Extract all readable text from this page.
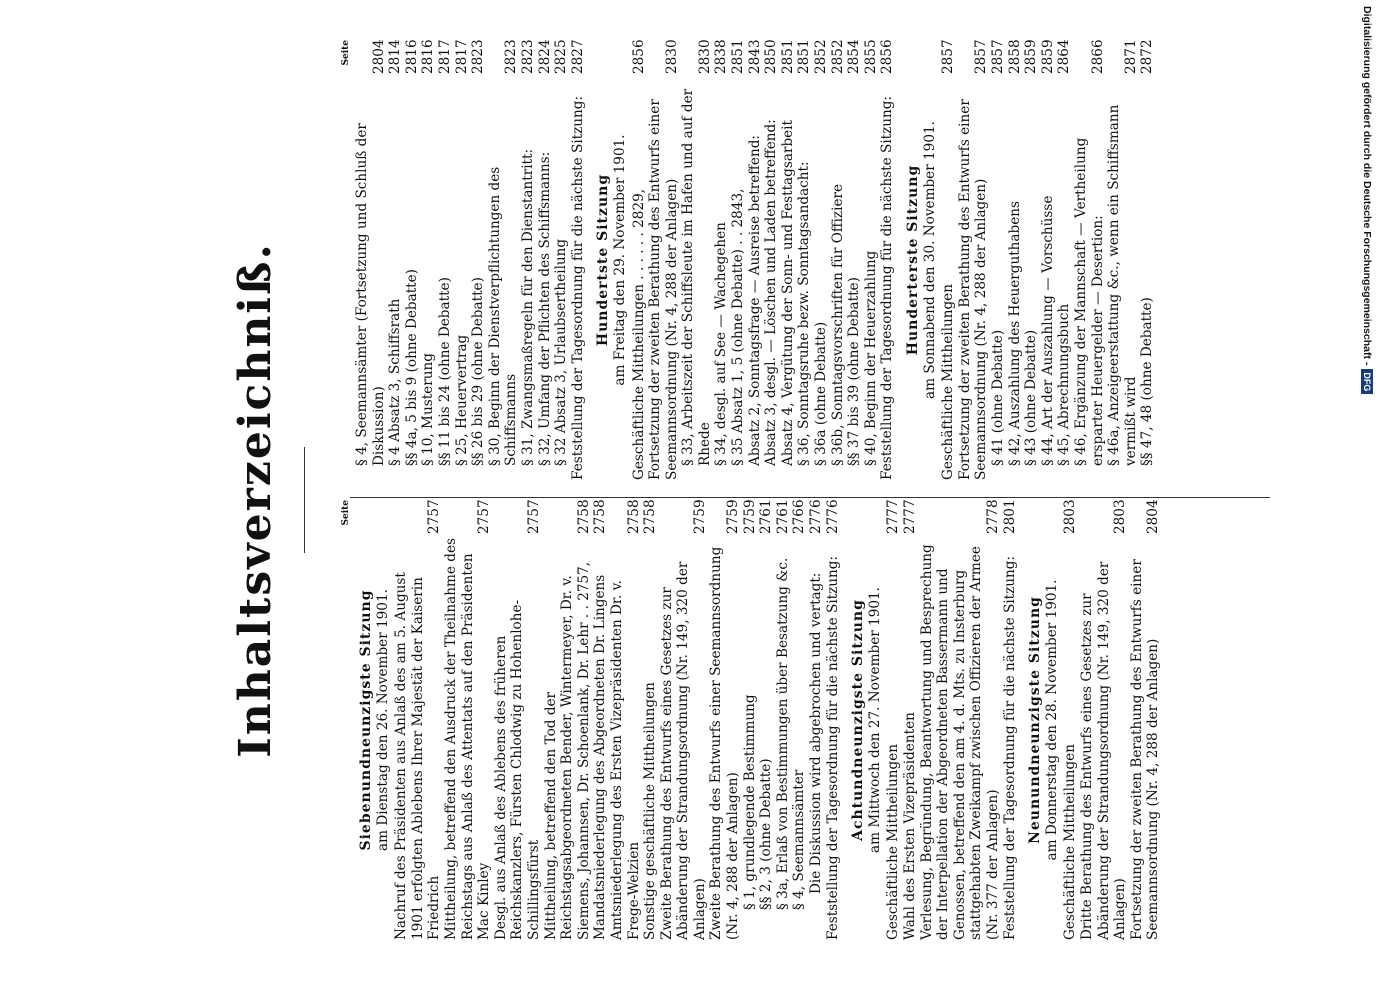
Inhaltsverzeichniß.	Seite
Siebenundneunzigste Sitzung am Dienstag den 26. November 1901. Nachruf des Präsidenten aus Anlaß des am 5. August 1901 erfolgten Ablebens Ihrer Majestät der Kaiserin Friedrich
2757
Mittheilung, betreffend den Ausdruck der Theilnahme des Reichstags aus Anlaß des Attentats auf den Präsidenten Mac Kinley
2757
Desgl. aus Anlaß des Ablebens des früheren Reichskanzlers, Fürsten Chlodwig zu Hohenlohe-Schillingsfürst
2757
Mittheilung, betreffend den Tod der Reichstagsabgeordneten Bender, Wintermeyer, Dr. v. Siemens, Johannsen, Dr. Schoenlank, Dr. Lehr . . 2757,
2758
Mandatsniederlegung des Abgeordneten Dr. Lingens
2758
Amtsniederlegung des Ersten Vizepräsidenten Dr. v. Frege-Welzien
2758
Sonstige geschäftliche Mittheilungen
2758
Zweite Berathung des Entwurfs eines Gesetzes zur Abänderung der Strandungsordnung (Nr. 149, 320 der Anlagen)
2759
Zweite Berathung des Entwurfs einer Seemannsordnung (Nr. 4, 288 der Anlagen)
2759
§ 1, grundlegende Bestimmung
2759
§§ 2, 3 (ohne Debatte)
2761
§ 3a, Erlaß von Bestimmungen über Besatzung &c.
2761
§ 4, Seemannsämter
2766
Die Diskussion wird abgebrochen und vertagt:
2776
Feststellung der Tagesordnung für die nächste Sitzung:
2776
Achtundneunzigste Sitzung am Mittwoch den 27. November 1901. Geschäftliche Mittheilungen
2777
Wahl des Ersten Vizepräsidenten
2777
Verlesung, Begründung, Beantwortung und Besprechung der Interpellation der Abgeordneten Bassermann und Genossen, betreffend den am 4. d. Mts. zu Insterburg stattgehabten Zweikampf zwischen Offizieren der Armee (Nr. 377 der Anlagen)
2778
Feststellung der Tagesordnung für die nächste Sitzung:
2801
Neunundneunzigste Sitzung am Donnerstag den 28. November 1901. Geschäftliche Mittheilungen
2803
Dritte Berathung des Entwurfs eines Gesetzes zur Abänderung der Strandungsordnung (Nr. 149, 320 der Anlagen)
2803
Fortsetzung der zweiten Berathung des Entwurfs einer Seemannsordnung (Nr. 4, 288 der Anlagen)
2804
Seite
§ 4, Seemannsämter (Fortsetzung und Schluß der Diskussion)
2804
§ 4 Absatz 3, Schiffsrath
2814
§§ 4a, 5 bis 9 (ohne Debatte)
2816
§ 10, Musterung
2816
§§ 11 bis 24 (ohne Debatte)
2817
§ 25, Heuervertrag
2817
§§ 26 bis 29 (ohne Debatte)
2823
§ 30, Beginn der Dienstverpflichtungen des Schiffsmanns
2823
§ 31, Zwangsmaßregeln für den Dienstantritt:
2823
§ 32, Umfang der Pflichten des Schiffsmanns:
2824
§ 32 Absatz 3, Urlaubsertheilung
2825
Feststellung der Tagesordnung für die nächste Sitzung:
2827
Hundertste Sitzung am Freitag den 29. November 1901. Geschäftliche Mittheilungen . . . . . . 2829,
2856
Fortsetzung der zweiten Berathung des Entwurfs einer Seemannsordnung (Nr. 4, 288 der Anlagen)
2830
§ 33, Arbeitszeit der Schiffsleute im Hafen und auf der Rhede
2830
§ 34, desgl. auf See — Wachegehen
2838
§ 35 Absatz 1, 5 (ohne Debatte) . . 2843,
2851
Absatz 2, Sonntagsfrage — Ausreise betreffend:
2843
Absatz 3, desgl. — Löschen und Laden betreffend:
2850
Absatz 4, Vergütung der Sonn- und Festtagsarbeit
2851
§ 36, Sonntagsruhe bezw. Sonntagsandacht:
2851
§ 36a (ohne Debatte)
2852
§ 36b, Sonntagsvorschriften für Offiziere
2852
§§ 37 bis 39 (ohne Debatte)
2854
§ 40, Beginn der Heuerzahlung
2855
Feststellung der Tagesordnung für die nächste Sitzung:
2856
Hunderterste Sitzung am Sonnabend den 30. November 1901. Geschäftliche Mittheilungen
2857
Fortsetzung der zweiten Berathung des Entwurfs einer Seemannsordnung (Nr. 4, 288 der Anlagen)
2857
§ 41 (ohne Debatte)
2857
§ 42, Auszahlung des Heuerguthabens
2858
§ 43 (ohne Debatte)
2859
§ 44, Art der Auszahlung — Vorschüsse
2859
§ 45, Abrechnungsbuch
2864
§ 46, Ergänzung der Mannschaft — Vertheilung ersparter Heuergelder — Desertion:
2866
§ 46a, Anzeigeerstattung &c., wenn ein Schiffsmann vermißt wird
2871
§§ 47, 48 (ohne Debatte)
2872	Digitalisierung gefördert durch die Deutsche Forschungsgemeinschaft -
DFG
